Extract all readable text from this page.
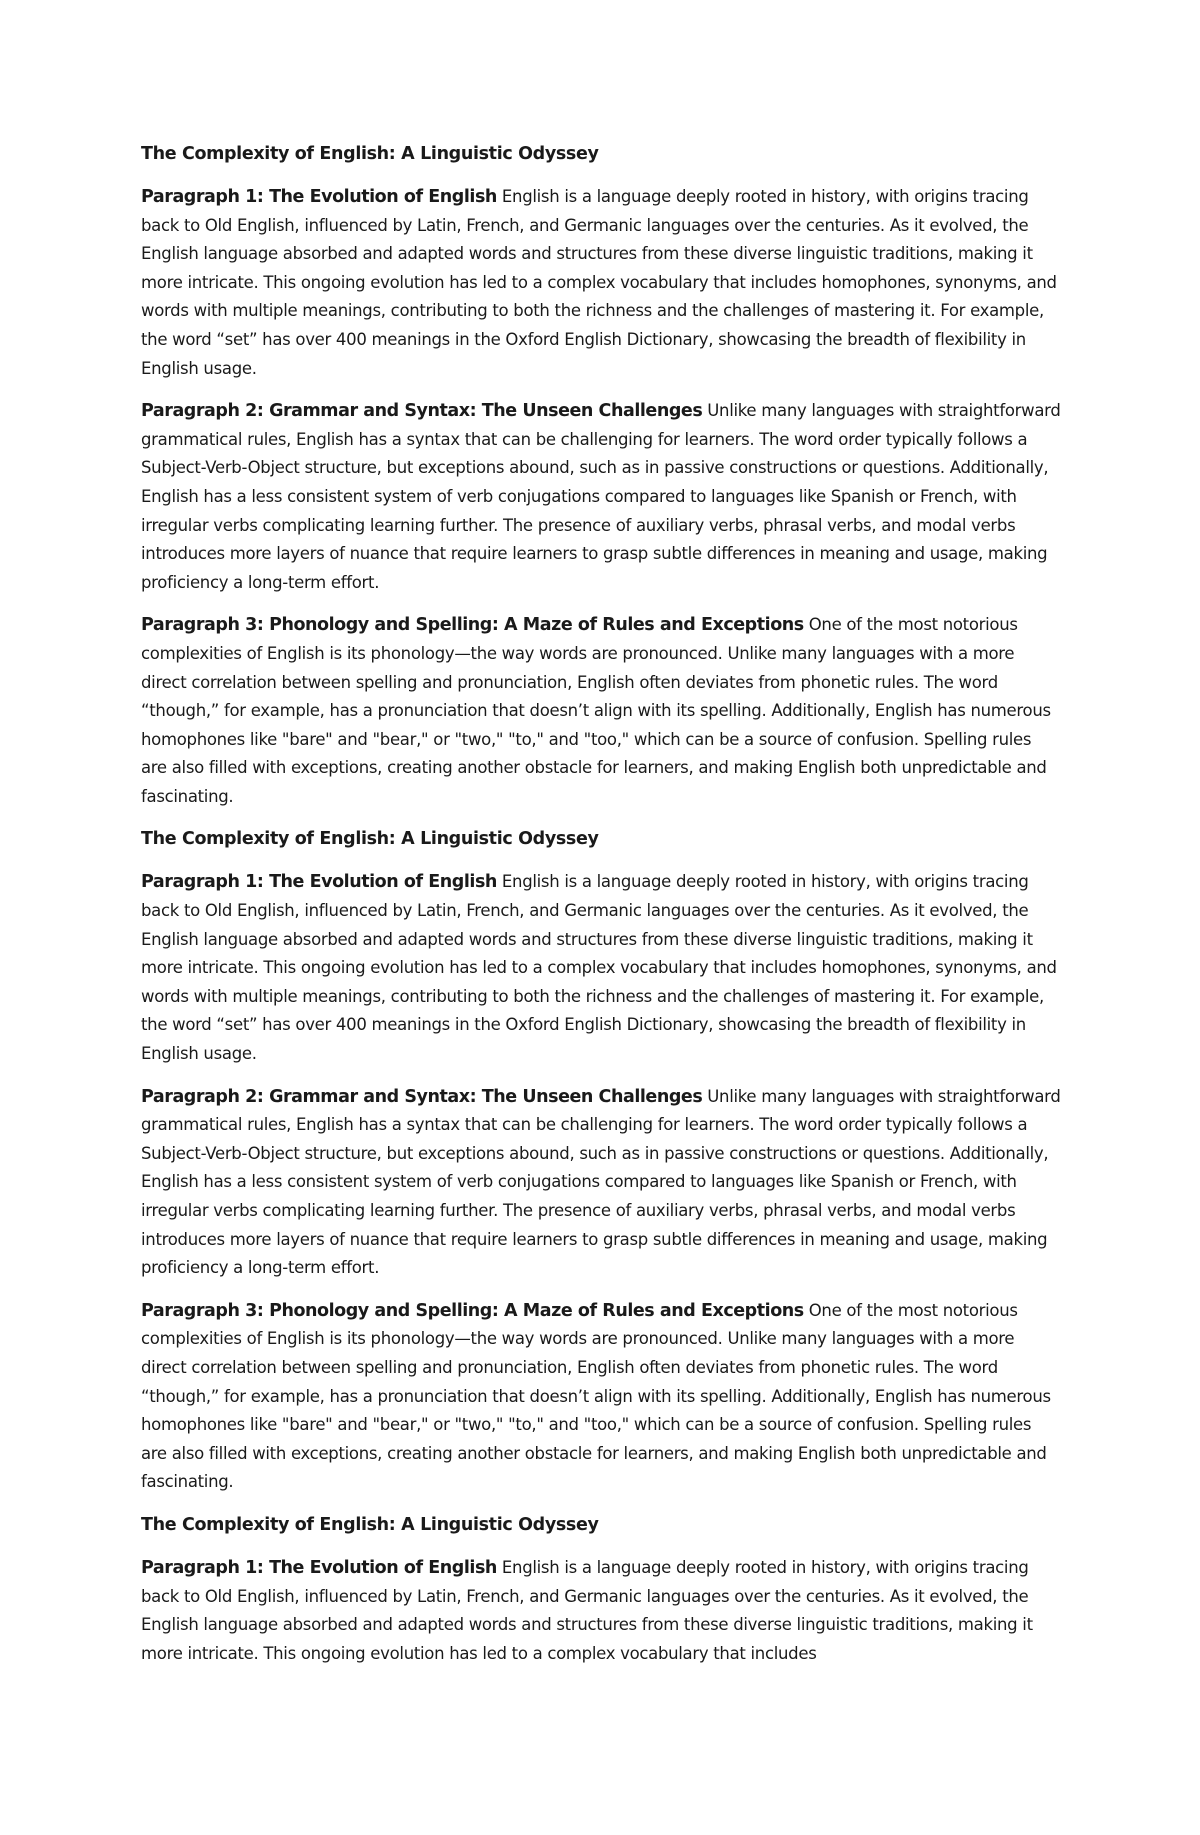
The Complexity of English: A Linguistic Odyssey

Paragraph 1: The Evolution of English English is a language deeply rooted in history, with origins tracing back to Old English, influenced by Latin, French, and Germanic languages over the centuries. As it evolved, the English language absorbed and adapted words and structures from these diverse linguistic traditions, making it more intricate. This ongoing evolution has led to a complex vocabulary that includes homophones, synonyms, and words with multiple meanings, contributing to both the richness and the challenges of mastering it. For example, the word “set” has over 400 meanings in the Oxford English Dictionary, showcasing the breadth of flexibility in English usage.

Paragraph 2: Grammar and Syntax: The Unseen Challenges Unlike many languages with straightforward grammatical rules, English has a syntax that can be challenging for learners. The word order typically follows a Subject-Verb-Object structure, but exceptions abound, such as in passive constructions or questions. Additionally, English has a less consistent system of verb conjugations compared to languages like Spanish or French, with irregular verbs complicating learning further. The presence of auxiliary verbs, phrasal verbs, and modal verbs introduces more layers of nuance that require learners to grasp subtle differences in meaning and usage, making proficiency a long-term effort.

Paragraph 3: Phonology and Spelling: A Maze of Rules and Exceptions One of the most notorious complexities of English is its phonology—the way words are pronounced. Unlike many languages with a more direct correlation between spelling and pronunciation, English often deviates from phonetic rules. The word “though,” for example, has a pronunciation that doesn’t align with its spelling. Additionally, English has numerous homophones like "bare" and "bear," or "two," "to," and "too," which can be a source of confusion. Spelling rules are also filled with exceptions, creating another obstacle for learners, and making English both unpredictable and fascinating.

The Complexity of English: A Linguistic Odyssey

Paragraph 1: The Evolution of English English is a language deeply rooted in history, with origins tracing back to Old English, influenced by Latin, French, and Germanic languages over the centuries. As it evolved, the English language absorbed and adapted words and structures from these diverse linguistic traditions, making it more intricate. This ongoing evolution has led to a complex vocabulary that includes homophones, synonyms, and words with multiple meanings, contributing to both the richness and the challenges of mastering it. For example, the word “set” has over 400 meanings in the Oxford English Dictionary, showcasing the breadth of flexibility in English usage.

Paragraph 2: Grammar and Syntax: The Unseen Challenges Unlike many languages with straightforward grammatical rules, English has a syntax that can be challenging for learners. The word order typically follows a Subject-Verb-Object structure, but exceptions abound, such as in passive constructions or questions. Additionally, English has a less consistent system of verb conjugations compared to languages like Spanish or French, with irregular verbs complicating learning further. The presence of auxiliary verbs, phrasal verbs, and modal verbs introduces more layers of nuance that require learners to grasp subtle differences in meaning and usage, making proficiency a long-term effort.

Paragraph 3: Phonology and Spelling: A Maze of Rules and Exceptions One of the most notorious complexities of English is its phonology—the way words are pronounced. Unlike many languages with a more direct correlation between spelling and pronunciation, English often deviates from phonetic rules. The word “though,” for example, has a pronunciation that doesn’t align with its spelling. Additionally, English has numerous homophones like "bare" and "bear," or "two," "to," and "too," which can be a source of confusion. Spelling rules are also filled with exceptions, creating another obstacle for learners, and making English both unpredictable and fascinating.

The Complexity of English: A Linguistic Odyssey

Paragraph 1: The Evolution of English English is a language deeply rooted in history, with origins tracing back to Old English, influenced by Latin, French, and Germanic languages over the centuries. As it evolved, the English language absorbed and adapted words and structures from these diverse linguistic traditions, making it more intricate. This ongoing evolution has led to a complex vocabulary that includes
